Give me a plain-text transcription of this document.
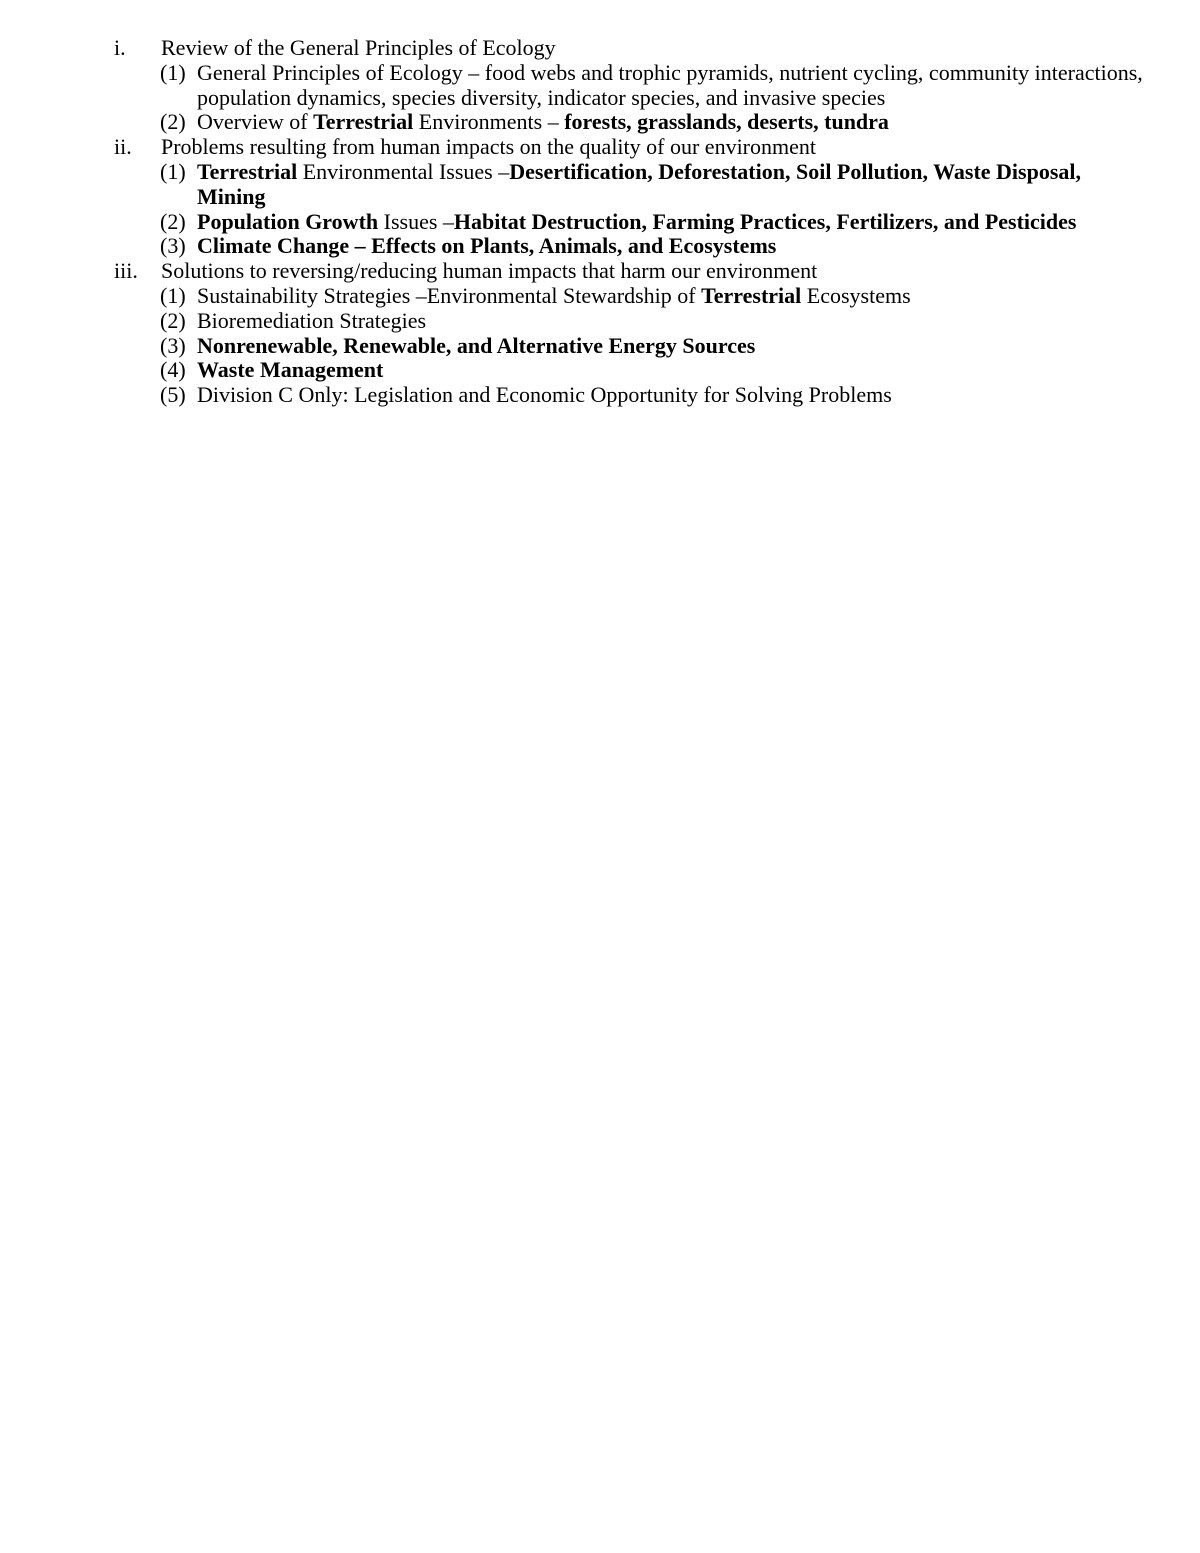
i. Review of the General Principles of Ecology
(1) General Principles of Ecology – food webs and trophic pyramids, nutrient cycling, community interactions, population dynamics, species diversity, indicator species, and invasive species
(2) Overview of Terrestrial Environments – forests, grasslands, deserts, tundra
ii. Problems resulting from human impacts on the quality of our environment
(1) Terrestrial Environmental Issues –Desertification, Deforestation, Soil Pollution, Waste Disposal, Mining
(2) Population Growth Issues –Habitat Destruction, Farming Practices, Fertilizers, and Pesticides
(3) Climate Change – Effects on Plants, Animals, and Ecosystems
iii. Solutions to reversing/reducing human impacts that harm our environment
(1) Sustainability Strategies –Environmental Stewardship of Terrestrial Ecosystems
(2) Bioremediation Strategies
(3) Nonrenewable, Renewable, and Alternative Energy Sources
(4) Waste Management
(5) Division C Only: Legislation and Economic Opportunity for Solving Problems
